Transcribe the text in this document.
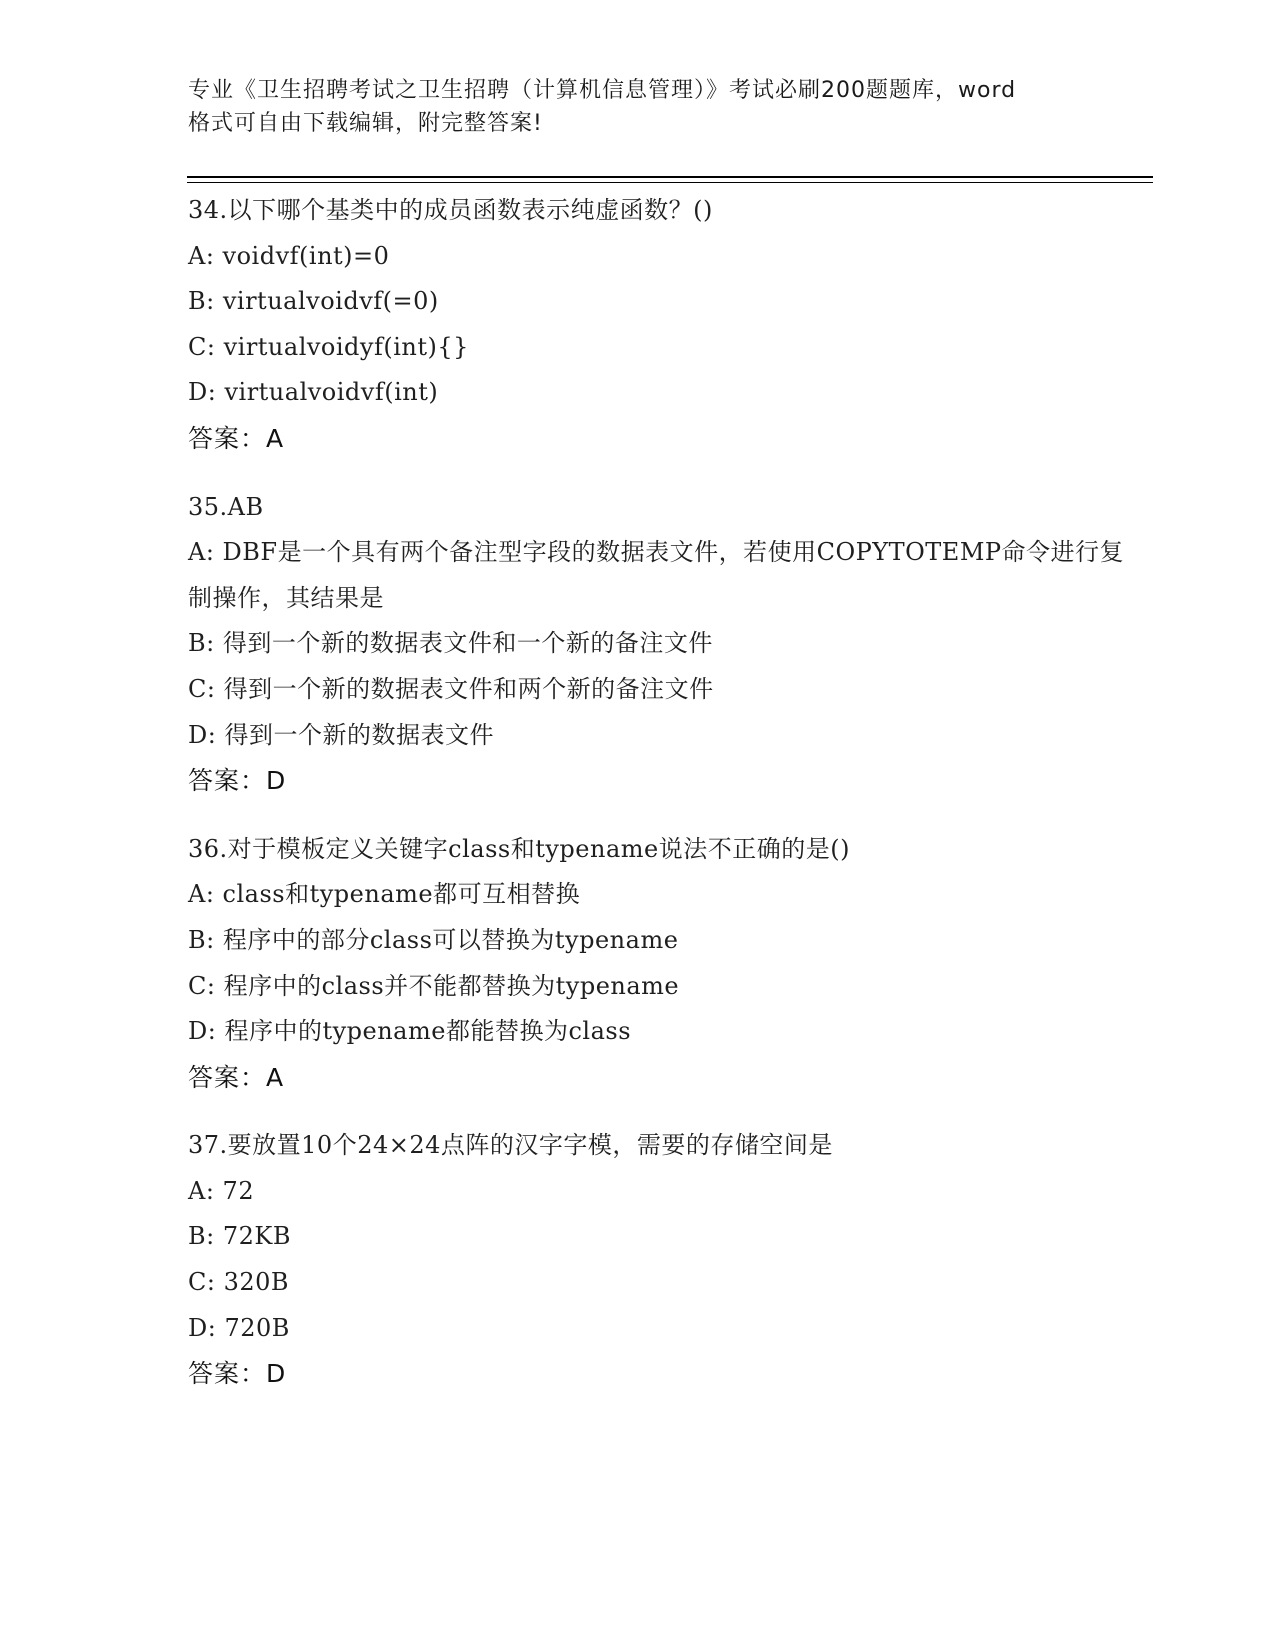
专业《卫生招聘考试之卫生招聘（计算机信息管理）》考试必刷200题题库，word
格式可自由下载编辑，附完整答案!
34.以下哪个基类中的成员函数表示纯虚函数？()
A: voidvf(int)=0
B: virtualvoidvf(=0)
C: virtualvoidyf(int){}
D: virtualvoidvf(int)
答案：A
35.AB
A: DBF是一个具有两个备注型字段的数据表文件，若使用COPYTOTEMP命令进行复制操作，其结果是
B: 得到一个新的数据表文件和一个新的备注文件
C: 得到一个新的数据表文件和两个新的备注文件
D: 得到一个新的数据表文件
答案：D
36.对于模板定义关键字class和typename说法不正确的是()
A: class和typename都可互相替换
B: 程序中的部分class可以替换为typename
C: 程序中的class并不能都替换为typename
D: 程序中的typename都能替换为class
答案：A
37.要放置10个24×24点阵的汉字字模，需要的存储空间是
A: 72
B: 72KB
C: 320B
D: 720B
答案：D
